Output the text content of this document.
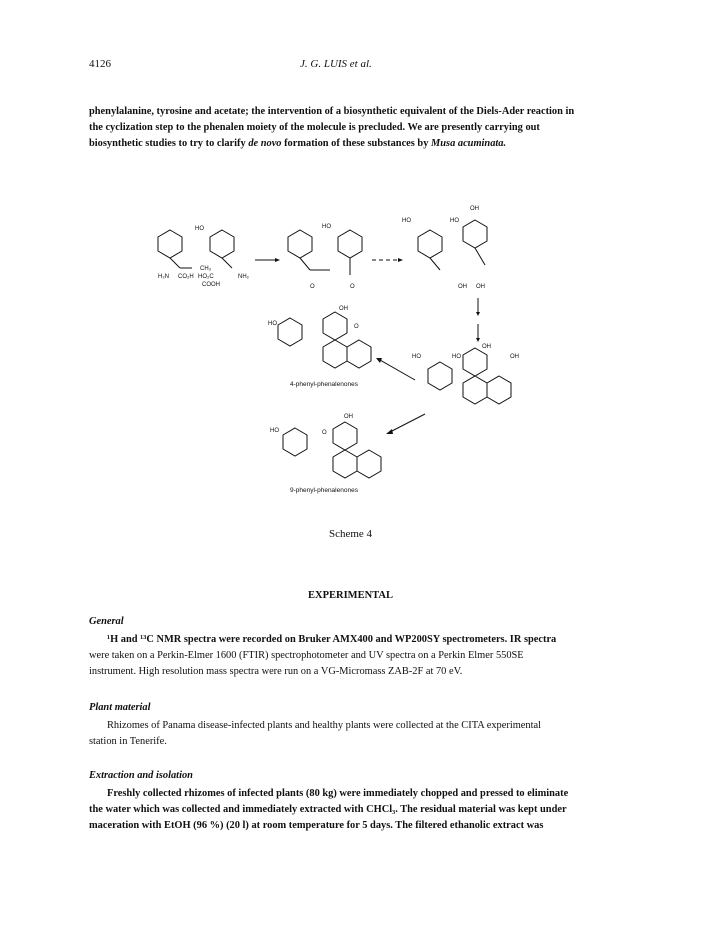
4126	J. G. LUIS et al.
phenylalanine, tyrosine and acetate; the intervention of a biosynthetic equivalent of the Diels-Ader reaction in
the cyclization step to the phenalen moiety of the molecule is precluded. We are presently carrying out
biosynthetic studies to try to clarify de novo formation of these substances by Musa acuminata.
HO
H₂N CO₂H
CH₃
HO₂C
COOH
NH₂
HO
O	O
HO	HO
OH
OH OH
HO
OH
O
4-phenyl-phenalenones
HO	HO
OH
OH
HO
OH
O
9-phenyl-phenalenones
Scheme 4
EXPERIMENTAL
General
¹H and ¹³C NMR spectra were recorded on Bruker AMX400 and WP200SY spectrometers. IR spectra
were taken on a Perkin-Elmer 1600 (FTIR) spectrophotometer and UV spectra on a Perkin Elmer 550SE
instrument. High resolution mass spectra were run on a VG-Micromass ZAB-2F at 70 eV.
Plant material
Rhizomes of Panama disease-infected plants and healthy plants were collected at the CITA experimental
station in Tenerife.
Extraction and isolation
Freshly collected rhizomes of infected plants (80 kg) were immediately chopped and pressed to eliminate
the water which was collected and immediately extracted with CHCl₃. The residual material was kept under
maceration with EtOH (96 %) (20 l) at room temperature for 5 days. The filtered ethanolic extract was
